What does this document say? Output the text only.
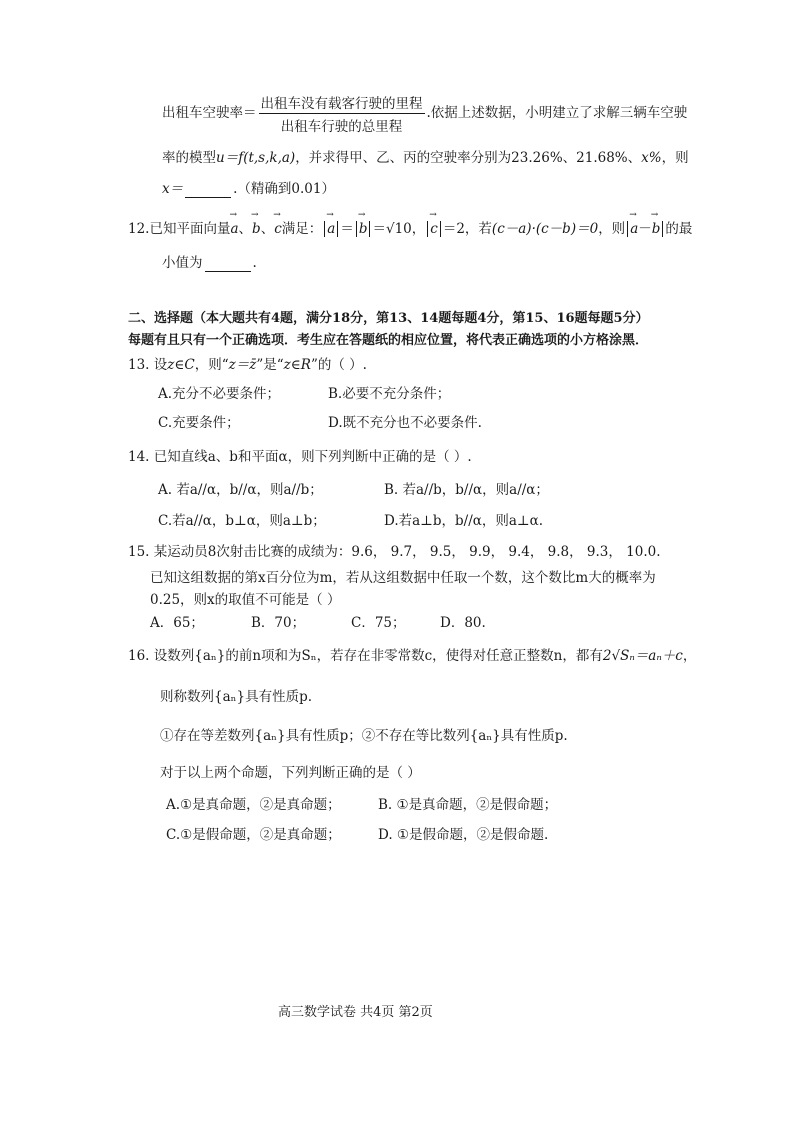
出租车空驶率＝ $\frac{\text{出租车没有载客行驶的里程}}{\text{出租车行驶的总里程}}$ .依据上述数据，小明建立了求解三辆车空驶
率的模型u＝f(t,s,k,a)，并求得甲、乙、丙的空驶率分别为23.26%、21.68%、x%，则
x＝	.（精确到0.01）
12.已知平面向量→ a、→ b、→ c满足： → a ＝ → b ＝√10， → c ＝2，若(c－a)·(c－b)＝0，则 → a－→ b 的最
小值为	.
二、选择题（本大题共有4题，满分18分，第13、14题每题4分，第15、16题每题5分）
每题有且只有一个正确选项．考生应在答题纸的相应位置，将代表正确选项的小方格涂黑．
13. 设z∈C，则“z＝z̄”是“z∈R”的（ ）.
A.充分不必要条件；	B.必要不充分条件；
C.充要条件；	D.既不充分也不必要条件.
14. 已知直线a、b和平面α，则下列判断中正确的是（ ）.
A. 若a//α，b//α，则a//b；	B. 若a//b，b//α，则a//α；
C.若a//α，b⊥α，则a⊥b；	D.若a⊥b，b//α，则a⊥α.
15. 某运动员8次射击比赛的成绩为：9.6， 9.7， 9.5， 9.9， 9.4， 9.8， 9.3， 10.0.
已知这组数据的第x百分位为m，若从这组数据中任取一个数，这个数比m大的概率为
0.25，则x的取值不可能是（ ）
A．65；	B．70；	C．75；	D．80.
16. 设数列{aₙ}的前n项和为Sₙ，若存在非零常数c，使得对任意正整数n，都有2√Sₙ＝aₙ＋c，
则称数列{aₙ}具有性质p.
①存在等差数列{aₙ}具有性质p；②不存在等比数列{aₙ}具有性质p.
对于以上两个命题，下列判断正确的是（ ）
A.①是真命题，②是真命题；	B. ①是真命题，②是假命题；
C.①是假命题，②是真命题；	D. ①是假命题，②是假命题.
高三数学试卷 共4页 第2页
